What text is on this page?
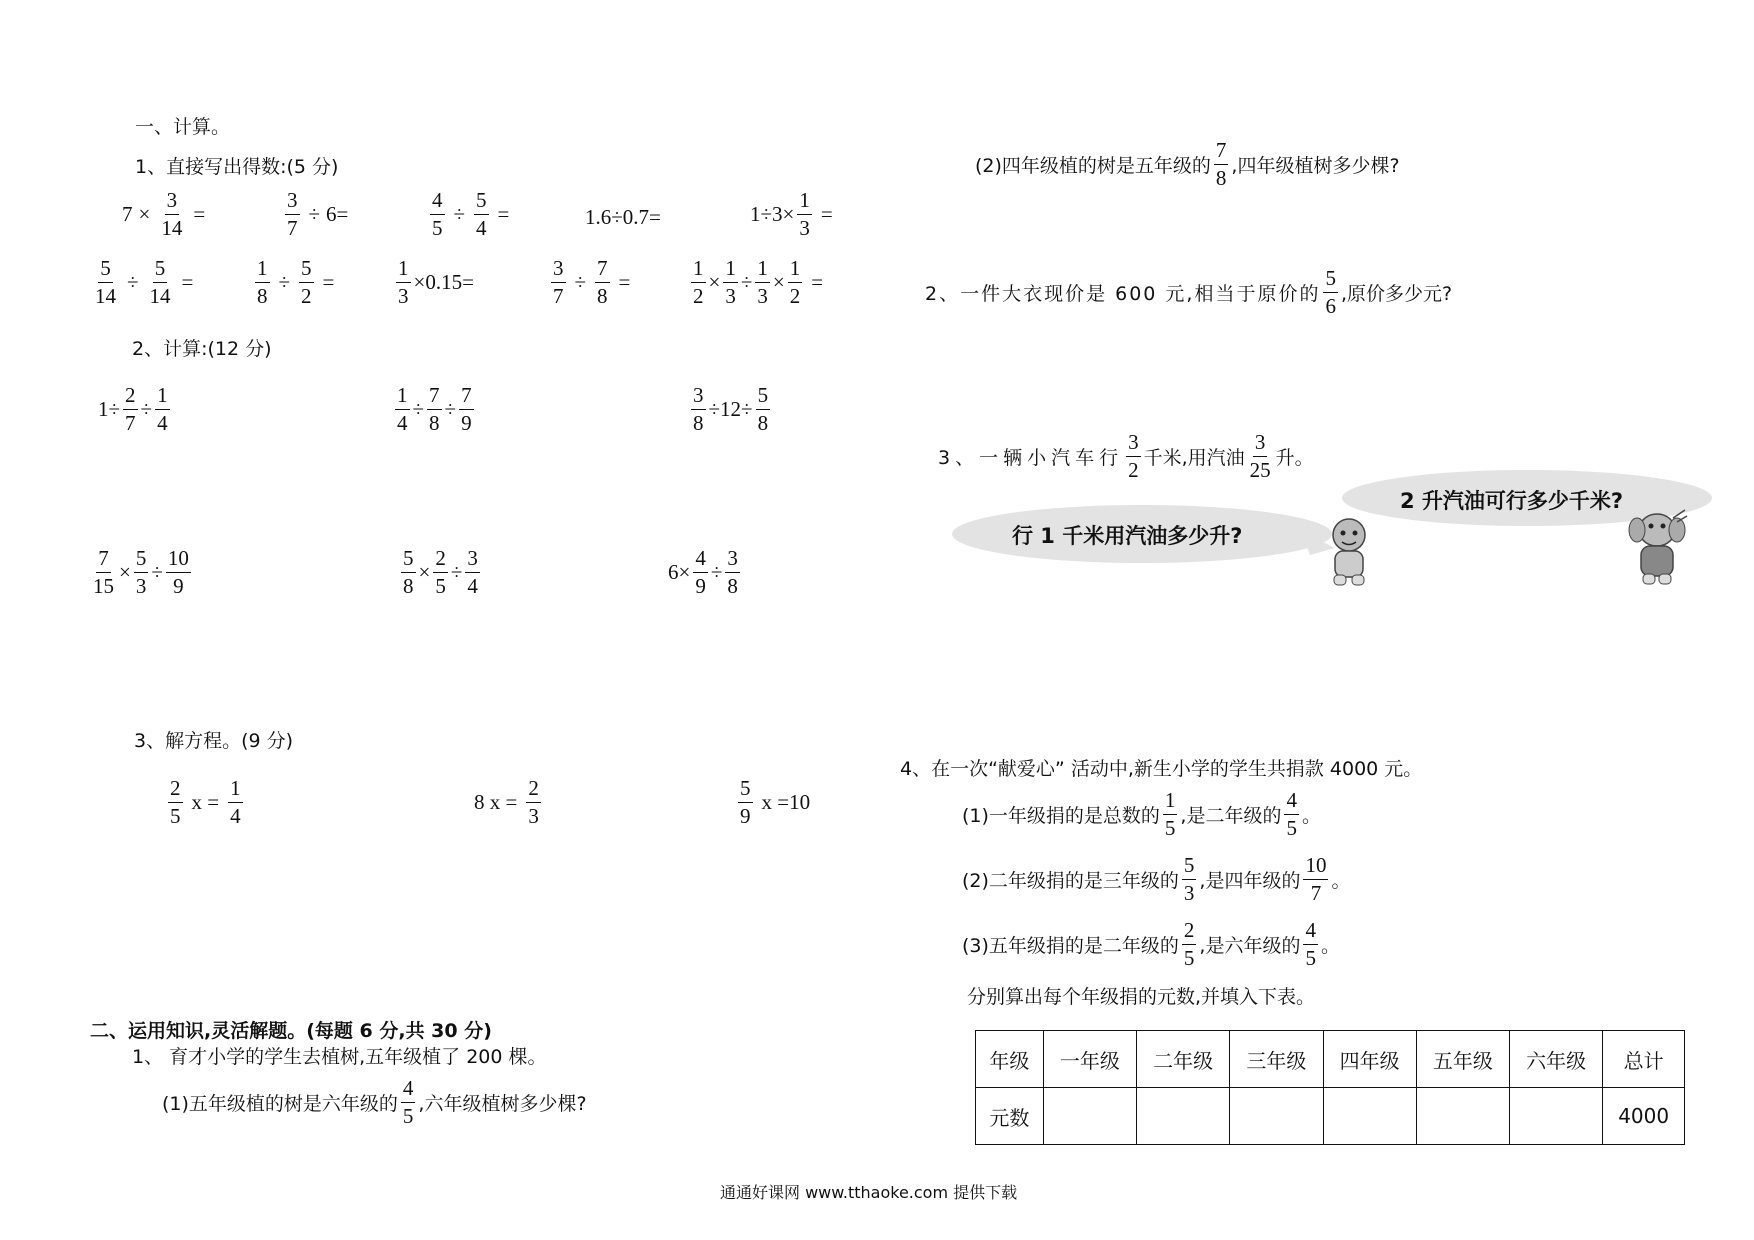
一、计算。
1、直接写出得数:(5 分)
$7 \times \frac{3}{14}$ =	$\frac{3}{7} \div 6$ =	$\frac{4}{5} \div \frac{5}{4}$ =	1.6÷0.7=	$1\div 3\times \frac{1}{3}$ =
$\frac{5}{14} \div \frac{5}{14}$ =	$\frac{1}{8} \div \frac{5}{2}$ =	$\frac{1}{3} \times 0.15=$	$\frac{3}{7} \div \frac{7}{8}$ =	$\frac{1}{2} \times \frac{1}{3} \div \frac{1}{3} \times \frac{1}{2}$ =
2、计算:(12 分)
$1\div \frac{2}{7} \div \frac{1}{4}$	$\frac{1}{4} \div \frac{7}{8} \div \frac{7}{9}$	$\frac{3}{8} \div 12\div \frac{5}{8}$
$\frac{7}{15} \times \frac{5}{3} \div \frac{10}{9}$	$\frac{5}{8} \times \frac{2}{5} \div \frac{3}{4}$	$6\times \frac{4}{9} \div \frac{3}{8}$
3、解方程。(9 分)
$\frac{2}{5}$ $x = \frac{1}{4}$	8 $x = \frac{2}{3}$	$\frac{5}{9}$ x =10
二、运用知识,灵活解题。(每题 6 分,共 30 分)
1、 育才小学的学生去植树,五年级植了 200 棵。
(1)五年级植的树是六年级的 $\frac{4}{5}$ ,六年级植树多少棵?
(2)四年级植的树是五年级的 $\frac{7}{8}$ ,四年级植树多少棵?
2、一件大衣现价是 600 元,相当于原价的 $\frac{5}{6}$ ,原价多少元?
3、一辆小汽车行 $\frac{3}{2}$ 千米,用汽油 $\frac{3}{25}$ 升。
行 1 千米用汽油多少升?
2 升汽油可行多少千米?
4、在一次“献爱心” 活动中,新生小学的学生共捐款 4000 元。
(1)一年级捐的是总数的 $\frac{1}{5}$ ,是二年级的 $\frac{4}{5}$ 。
(2)二年级捐的是三年级的 $\frac{5}{3}$ ,是四年级的 $\frac{10}{7}$ 。
(3)五年级捐的是二年级的 $\frac{2}{5}$ ,是六年级的 $\frac{4}{5}$ 。
分别算出每个年级捐的元数,并填入下表。
年级	一年级	二年级	三年级	四年级	五年级	六年级	总计
元数							4000
通通好课网 www.tthaoke.com 提供下载
